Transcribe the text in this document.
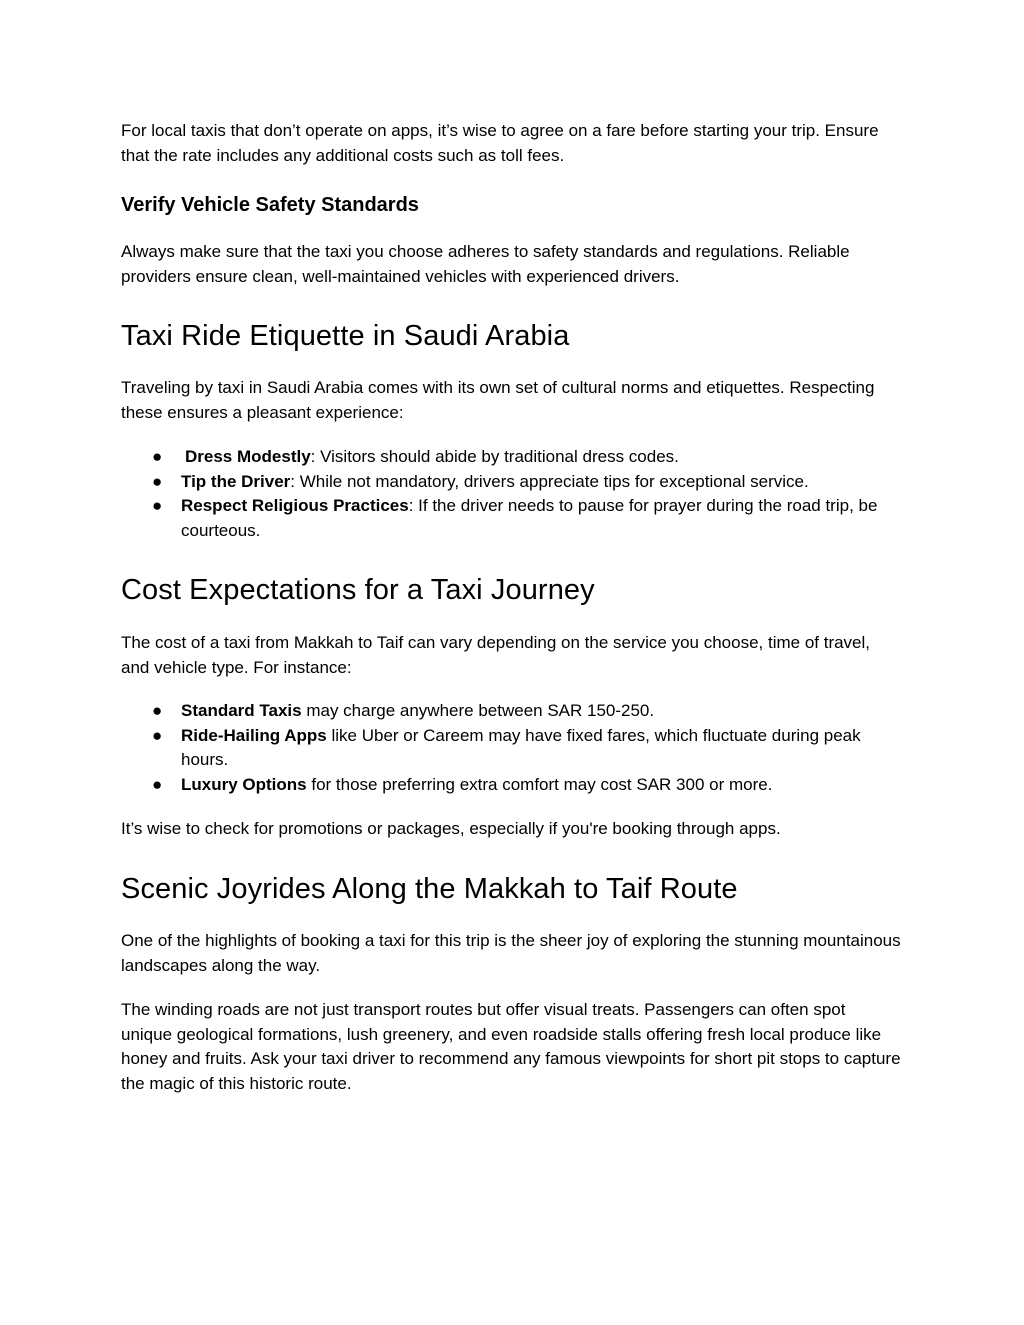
For local taxis that don’t operate on apps, it’s wise to agree on a fare before starting your trip. Ensure that the rate includes any additional costs such as toll fees.

Verify Vehicle Safety Standards

Always make sure that the taxi you choose adheres to safety standards and regulations. Reliable providers ensure clean, well-maintained vehicles with experienced drivers.

Taxi Ride Etiquette in Saudi Arabia

Traveling by taxi in Saudi Arabia comes with its own set of cultural norms and etiquettes. Respecting these ensures a pleasant experience:

● Dress Modestly: Visitors should abide by traditional dress codes.
● Tip the Driver: While not mandatory, drivers appreciate tips for exceptional service.
● Respect Religious Practices: If the driver needs to pause for prayer during the road trip, be courteous.
Cost Expectations for a Taxi Journey

The cost of a taxi from Makkah to Taif can vary depending on the service you choose, time of travel, and vehicle type. For instance:

● Standard Taxis may charge anywhere between SAR 150-250.
● Ride-Hailing Apps like Uber or Careem may have fixed fares, which fluctuate during peak hours.
● Luxury Options for those preferring extra comfort may cost SAR 300 or more.

It’s wise to check for promotions or packages, especially if you're booking through apps.

Scenic Joyrides Along the Makkah to Taif Route

One of the highlights of booking a taxi for this trip is the sheer joy of exploring the stunning mountainous landscapes along the way.

The winding roads are not just transport routes but offer visual treats. Passengers can often spot unique geological formations, lush greenery, and even roadside stalls offering fresh local produce like honey and fruits. Ask your taxi driver to recommend any famous viewpoints for short pit stops to capture the magic of this historic route.
